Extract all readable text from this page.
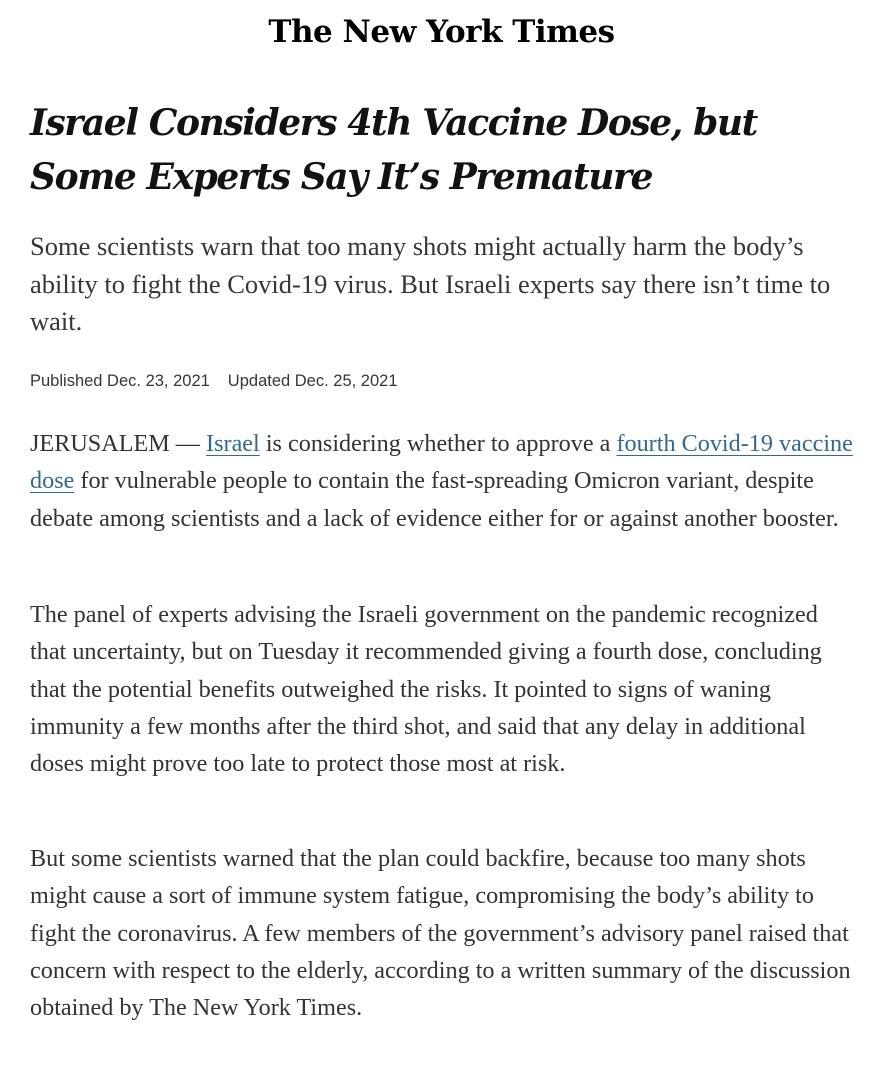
The New York Times
Israel Considers 4th Vaccine Dose, but Some Experts Say It’s Premature

Some scientists warn that too many shots might actually harm the body’s ability to fight the Covid-19 virus. But Israeli experts say there isn’t time to wait.

Published Dec. 23, 2021 Updated Dec. 25, 2021

JERUSALEM — Israel is considering whether to approve a fourth Covid-19 vaccine dose for vulnerable people to contain the fast-spreading Omicron variant, despite debate among scientists and a lack of evidence either for or against another booster.

The panel of experts advising the Israeli government on the pandemic recognized that uncertainty, but on Tuesday it recommended giving a fourth dose, concluding that the potential benefits outweighed the risks. It pointed to signs of waning immunity a few months after the third shot, and said that any delay in additional doses might prove too late to protect those most at risk.

But some scientists warned that the plan could backfire, because too many shots might cause a sort of immune system fatigue, compromising the body’s ability to fight the coronavirus. A few members of the government’s advisory panel raised that concern with respect to the elderly, according to a written summary of the discussion obtained by The New York Times.
